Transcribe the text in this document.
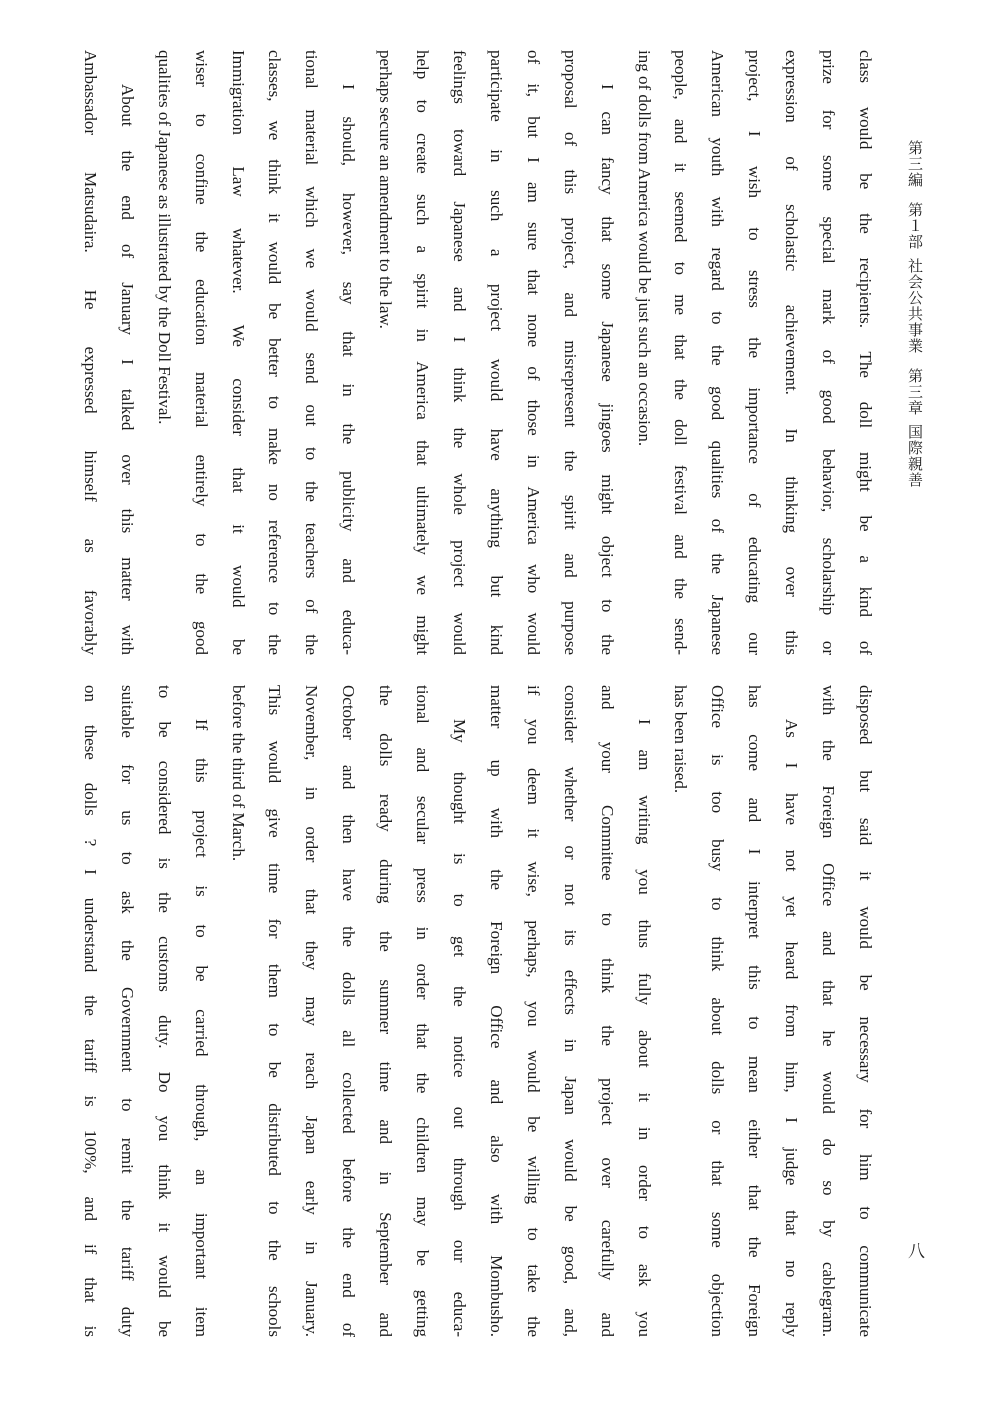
第三編第１部社会公共事業第三章国際親善
八
class would be the recipients. The doll might be a kind of
prize for some special mark of good behavior, scholarship or
expression of scholastic achievement. In thinking over this
project, I wish to stress the importance of educating our
American youth with regard to the good qualities of the Japanese
people, and it seemed to me that the doll festival and the send-
ing of dolls from America would be just such an occasion.
I can fancy that some Japanese jingoes might object to the
proposal of this project, and misrepresent the spirit and purpose
of it, but I am sure that none of those in America who would
participate in such a project would have anything but kind
feelings toward Japanese and I think the whole project would
help to create such a spirit in America that ultimately we might
perhaps secure an amendment to the law.
I should, however, say that in the publicity and educa-
tional material which we would send out to the teachers of the
classes, we think it would be better to make no reference to the
Immigration Law whatever. We consider that it would be
wiser to confine the education material entirely to the good
qualities of Japanese as illustrated by the Doll Festival.
About the end of January I talked over this matter with
Ambassador Matsudaira. He expressed himself as favorably
disposed but said it would be necessary for him to communicate
with the Foreign Office and that he would do so by cablegram.
As I have not yet heard from him, I judge that no reply
has come and I interpret this to mean either that the Foreign
Office is too busy to think about dolls or that some objection
has been raised.
I am writing you thus fully about it in order to ask you
and your Committee to think the project over carefully and
consider whether or not its effects in Japan would be good, and,
if you deem it wise, perhaps, you would be willing to take the
matter up with the Foreign Office and also with Mombusho.
My thought is to get the notice out through our educa-
tional and secular press in order that the children may be getting
the dolls ready during the summer time and in September and
October and then have the dolls all collected before the end of
November, in order that they may reach Japan early in January.
This would give time for them to be distributed to the schools
before the third of March.
If this project is to be carried through, an important item
to be considered is the customs duty. Do you think it would be
suitable for us to ask the Government to remit the tariff duty
on these dolls ? I understand the tariff is 100%, and if that is
